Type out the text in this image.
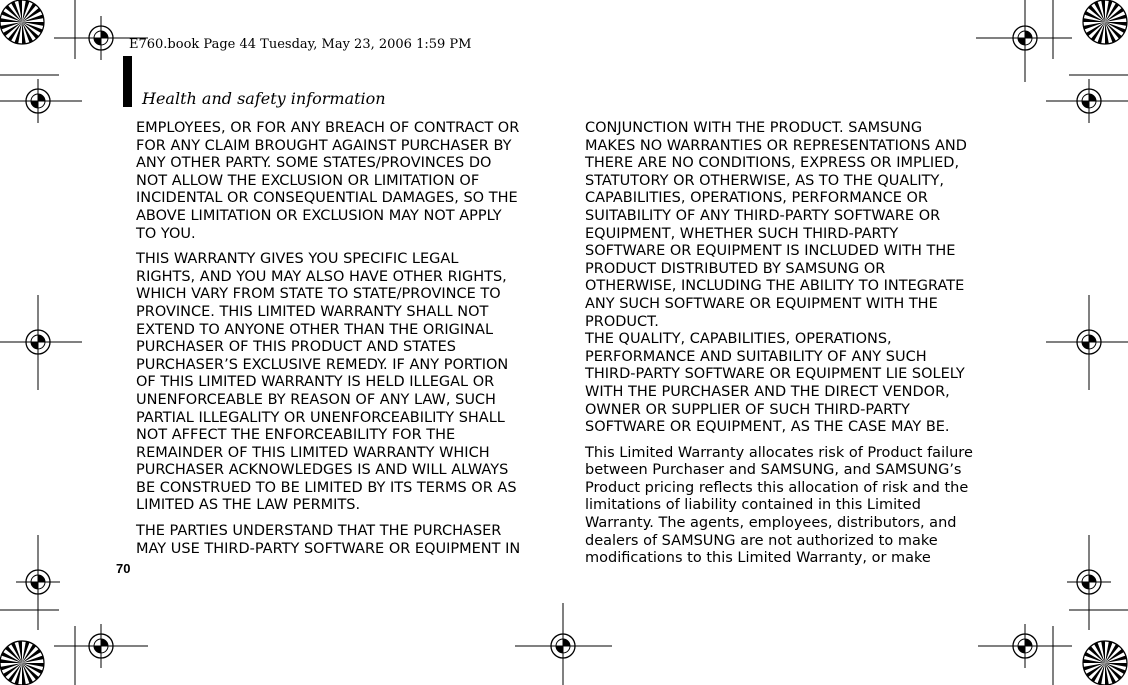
E760.book Page 44 Tuesday, May 23, 2006 1:59 PM
Health and safety information

EMPLOYEES, OR FOR ANY BREACH OF CONTRACT OR
FOR ANY CLAIM BROUGHT AGAINST PURCHASER BY
ANY OTHER PARTY. SOME STATES/PROVINCES DO
NOT ALLOW THE EXCLUSION OR LIMITATION OF
INCIDENTAL OR CONSEQUENTIAL DAMAGES, SO THE
ABOVE LIMITATION OR EXCLUSION MAY NOT APPLY
TO YOU.

THIS WARRANTY GIVES YOU SPECIFIC LEGAL
RIGHTS, AND YOU MAY ALSO HAVE OTHER RIGHTS,
WHICH VARY FROM STATE TO STATE/PROVINCE TO
PROVINCE. THIS LIMITED WARRANTY SHALL NOT
EXTEND TO ANYONE OTHER THAN THE ORIGINAL
PURCHASER OF THIS PRODUCT AND STATES
PURCHASER’S EXCLUSIVE REMEDY. IF ANY PORTION
OF THIS LIMITED WARRANTY IS HELD ILLEGAL OR
UNENFORCEABLE BY REASON OF ANY LAW, SUCH
PARTIAL ILLEGALITY OR UNENFORCEABILITY SHALL
NOT AFFECT THE ENFORCEABILITY FOR THE
REMAINDER OF THIS LIMITED WARRANTY WHICH
PURCHASER ACKNOWLEDGES IS AND WILL ALWAYS
BE CONSTRUED TO BE LIMITED BY ITS TERMS OR AS
LIMITED AS THE LAW PERMITS.

THE PARTIES UNDERSTAND THAT THE PURCHASER
MAY USE THIRD-PARTY SOFTWARE OR EQUIPMENT IN

CONJUNCTION WITH THE PRODUCT. SAMSUNG
MAKES NO WARRANTIES OR REPRESENTATIONS AND
THERE ARE NO CONDITIONS, EXPRESS OR IMPLIED,
STATUTORY OR OTHERWISE, AS TO THE QUALITY,
CAPABILITIES, OPERATIONS, PERFORMANCE OR
SUITABILITY OF ANY THIRD-PARTY SOFTWARE OR
EQUIPMENT, WHETHER SUCH THIRD-PARTY
SOFTWARE OR EQUIPMENT IS INCLUDED WITH THE
PRODUCT DISTRIBUTED BY SAMSUNG OR
OTHERWISE, INCLUDING THE ABILITY TO INTEGRATE
ANY SUCH SOFTWARE OR EQUIPMENT WITH THE
PRODUCT.

THE QUALITY, CAPABILITIES, OPERATIONS,
PERFORMANCE AND SUITABILITY OF ANY SUCH
THIRD-PARTY SOFTWARE OR EQUIPMENT LIE SOLELY
WITH THE PURCHASER AND THE DIRECT VENDOR,
OWNER OR SUPPLIER OF SUCH THIRD-PARTY
SOFTWARE OR EQUIPMENT, AS THE CASE MAY BE.

This Limited Warranty allocates risk of Product failure
between Purchaser and SAMSUNG, and SAMSUNG’s
Product pricing reflects this allocation of risk and the
limitations of liability contained in this Limited
Warranty. The agents, employees, distributors, and
dealers of SAMSUNG are not authorized to make
modifications to this Limited Warranty, or make

70
